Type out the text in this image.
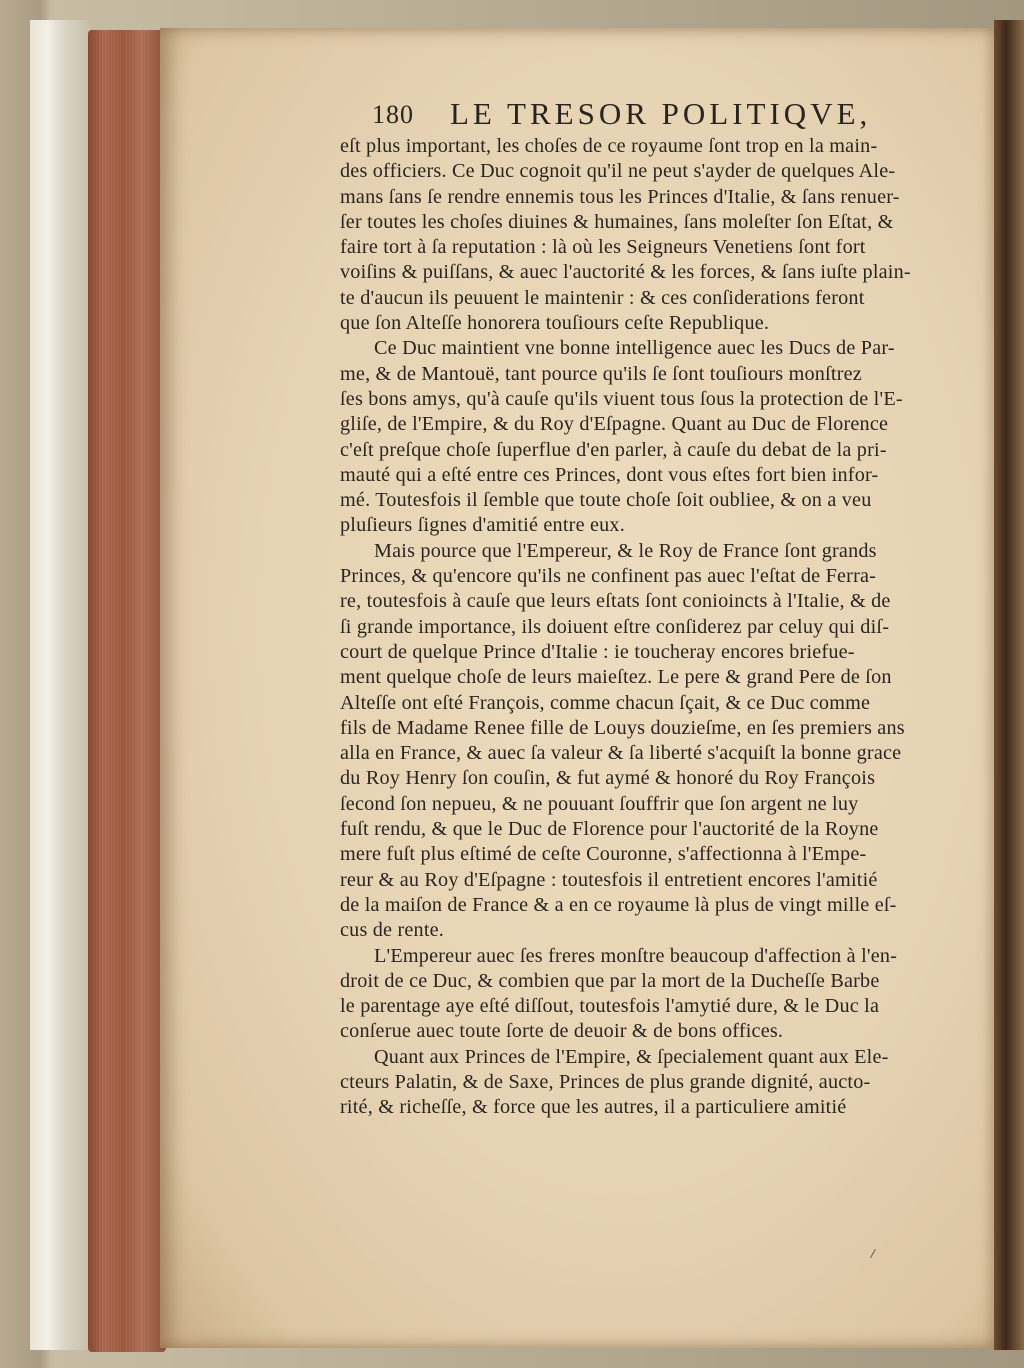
180 LE TRESOR POLITIQVE,
eſt plus important, les choſes de ce royaume ſont trop en la main-
des officiers. Ce Duc cognoit qu'il ne peut s'ayder de quelques Ale-
mans ſans ſe rendre ennemis tous les Princes d'Italie, & ſans renuer-
ſer toutes les choſes diuines & humaines, ſans moleſter ſon Eſtat, &
faire tort à ſa reputation : là où les Seigneurs Venetiens ſont fort
voiſins & puiſſans, & auec l'auctorité & les forces, & ſans iuſte plain-
te d'aucun ils peuuent le maintenir : & ces conſiderations feront
que ſon Alteſſe honorera touſiours ceſte Republique.
Ce Duc maintient vne bonne intelligence auec les Ducs de Par-
me, & de Mantouë, tant pource qu'ils ſe ſont touſiours monſtrez
ſes bons amys, qu'à cauſe qu'ils viuent tous ſous la protection de l'E-
gliſe, de l'Empire, & du Roy d'Eſpagne. Quant au Duc de Florence
c'eſt preſque choſe ſuperflue d'en parler, à cauſe du debat de la pri-
mauté qui a eſté entre ces Princes, dont vous eſtes fort bien infor-
mé. Toutesfois il ſemble que toute choſe ſoit oubliee, & on a veu
pluſieurs ſignes d'amitié entre eux.
Mais pource que l'Empereur, & le Roy de France ſont grands
Princes, & qu'encore qu'ils ne confinent pas auec l'eſtat de Ferra-
re, toutesfois à cauſe que leurs eſtats ſont conioincts à l'Italie, & de
ſi grande importance, ils doiuent eſtre conſiderez par celuy qui diſ-
court de quelque Prince d'Italie : ie toucheray encores briefue-
ment quelque choſe de leurs maieſtez. Le pere & grand Pere de ſon
Alteſſe ont eſté François, comme chacun ſçait, & ce Duc comme
fils de Madame Renee fille de Louys douzieſme, en ſes premiers ans
alla en France, & auec ſa valeur & ſa liberté s'acquiſt la bonne grace
du Roy Henry ſon couſin, & fut aymé & honoré du Roy François
ſecond ſon nepueu, & ne pouuant ſouffrir que ſon argent ne luy
fuſt rendu, & que le Duc de Florence pour l'auctorité de la Royne
mere fuſt plus eſtimé de ceſte Couronne, s'affectionna à l'Empe-
reur & au Roy d'Eſpagne : toutesfois il entretient encores l'amitié
de la maiſon de France & a en ce royaume là plus de vingt mille eſ-
cus de rente.
L'Empereur auec ſes freres monſtre beaucoup d'affection à l'en-
droit de ce Duc, & combien que par la mort de la Ducheſſe Barbe
le parentage aye eſté diſſout, toutesfois l'amytié dure, & le Duc la
conſerue auec toute ſorte de deuoir & de bons offices.
Quant aux Princes de l'Empire, & ſpecialement quant aux Ele-
cteurs Palatin, & de Saxe, Princes de plus grande dignité, aucto-
rité, & richeſſe, & force que les autres, il a particuliere amitié
